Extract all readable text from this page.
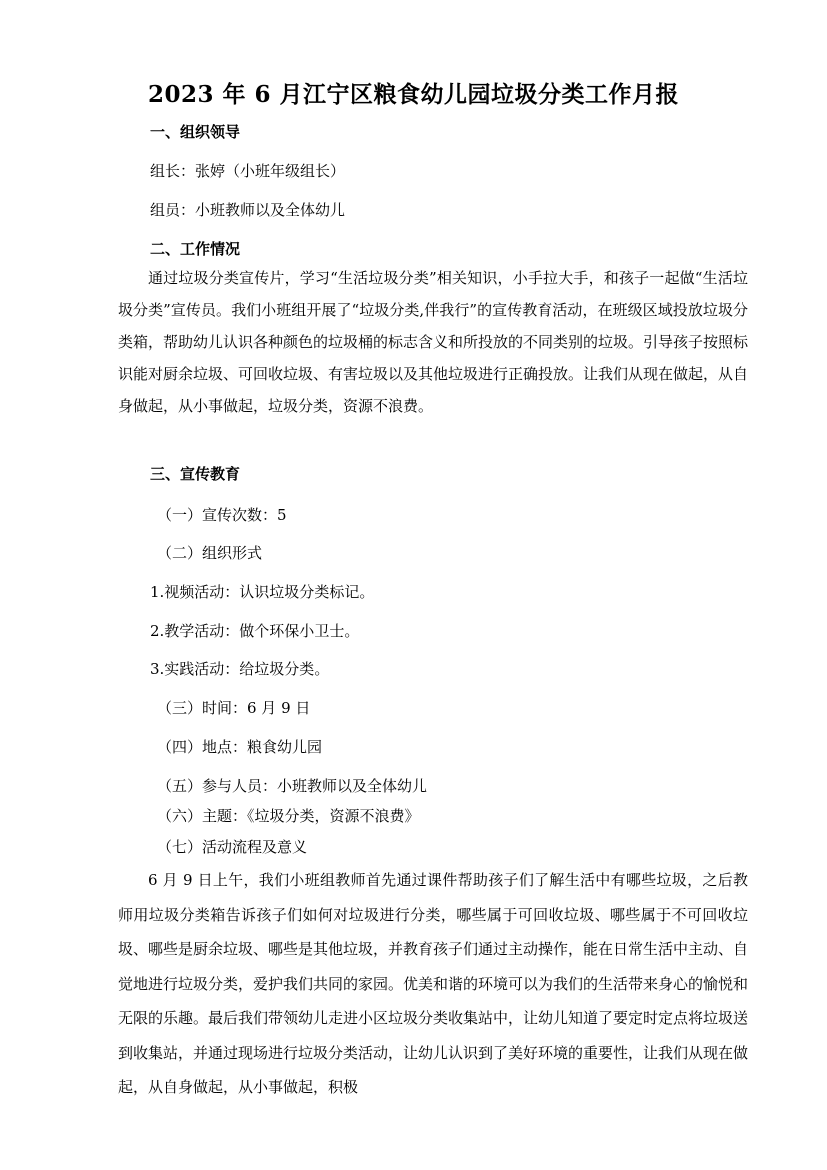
2023 年 6 月江宁区粮食幼儿园垃圾分类工作月报
一、组织领导
组长：张婷（小班年级组长）
组员：小班教师以及全体幼儿
二、工作情况
通过垃圾分类宣传片，学习“生活垃圾分类”相关知识，小手拉大手，和孩子一起做“生活垃圾分类”宣传员。我们小班组开展了“垃圾分类,伴我行”的宣传教育活动，在班级区域投放垃圾分类箱，帮助幼儿认识各种颜色的垃圾桶的标志含义和所投放的不同类别的垃圾。引导孩子按照标识能对厨余垃圾、可回收垃圾、有害垃圾以及其他垃圾进行正确投放。让我们从现在做起，从自身做起，从小事做起，垃圾分类，资源不浪费。
三、宣传教育
（一）宣传次数：5
（二）组织形式
1.视频活动：认识垃圾分类标记。
2.教学活动：做个环保小卫士。
3.实践活动：给垃圾分类。
（三）时间：6 月 9 日
（四）地点：粮食幼儿园
（五）参与人员：小班教师以及全体幼儿
（六）主题：《垃圾分类，资源不浪费》
（七）活动流程及意义
6 月 9 日上午，我们小班组教师首先通过课件帮助孩子们了解生活中有哪些垃圾，之后教师用垃圾分类箱告诉孩子们如何对垃圾进行分类，哪些属于可回收垃圾、哪些属于不可回收垃圾、哪些是厨余垃圾、哪些是其他垃圾，并教育孩子们通过主动操作，能在日常生活中主动、自觉地进行垃圾分类，爱护我们共同的家园。优美和谐的环境可以为我们的生活带来身心的愉悦和无限的乐趣。最后我们带领幼儿走进小区垃圾分类收集站中，让幼儿知道了要定时定点将垃圾送到收集站，并通过现场进行垃圾分类活动，让幼儿认识到了美好环境的重要性，让我们从现在做起，从自身做起，从小事做起，积极
